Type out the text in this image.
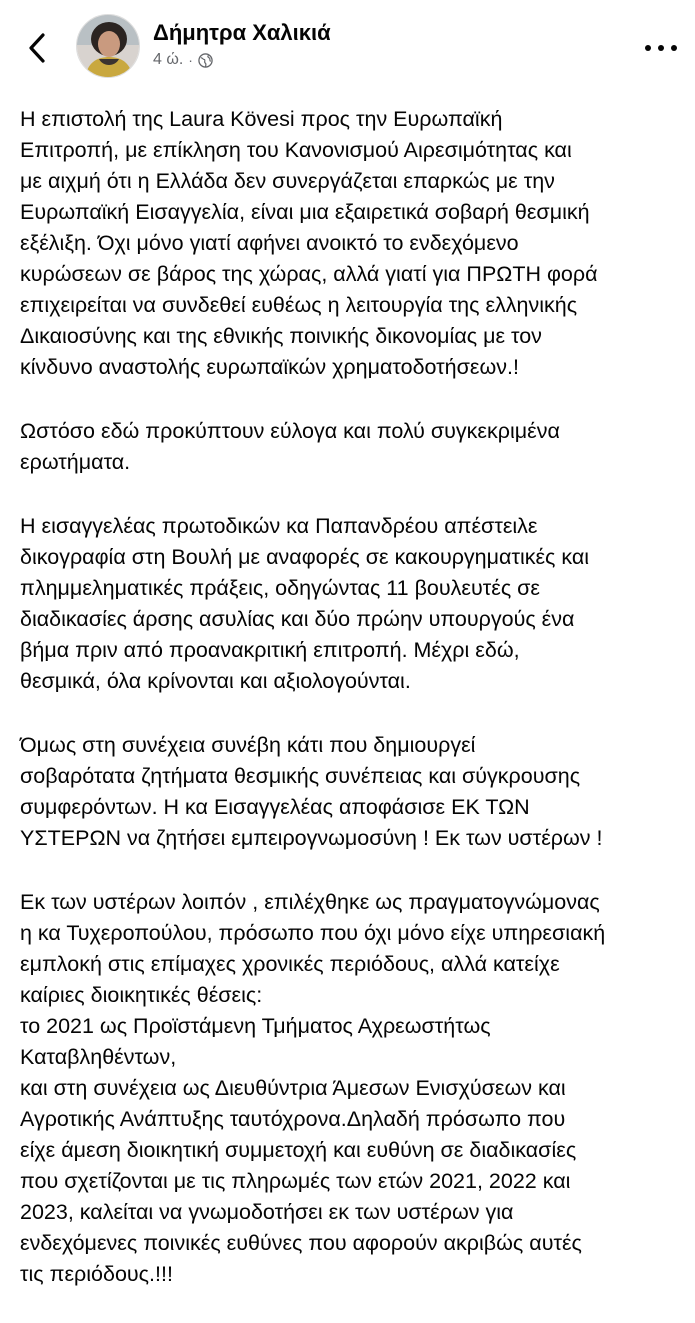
Δήμητρα Χαλικιά
4 ώ. ·

Η επιστολή της Laura Kövesi προς την Ευρωπαϊκή
Επιτροπή, με επίκληση του Κανονισμού Αιρεσιμότητας και
με αιχμή ότι η Ελλάδα δεν συνεργάζεται επαρκώς με την
Ευρωπαϊκή Εισαγγελία, είναι μια εξαιρετικά σοβαρή θεσμική
εξέλιξη. Όχι μόνο γιατί αφήνει ανοικτό το ενδεχόμενο
κυρώσεων σε βάρος της χώρας, αλλά γιατί για ΠΡΩΤΗ φορά
επιχειρείται να συνδεθεί ευθέως η λειτουργία της ελληνικής
Δικαιοσύνης και της εθνικής ποινικής δικονομίας με τον
κίνδυνο αναστολής ευρωπαϊκών χρηματοδοτήσεων.!

Ωστόσο εδώ προκύπτουν εύλογα και πολύ συγκεκριμένα
ερωτήματα.

Η εισαγγελέας πρωτοδικών κα Παπανδρέου απέστειλε
δικογραφία στη Βουλή με αναφορές σε κακουργηματικές και
πλημμεληματικές πράξεις, οδηγώντας 11 βουλευτές σε
διαδικασίες άρσης ασυλίας και δύο πρώην υπουργούς ένα
βήμα πριν από προανακριτική επιτροπή. Μέχρι εδώ,
θεσμικά, όλα κρίνονται και αξιολογούνται.

Όμως στη συνέχεια συνέβη κάτι που δημιουργεί
σοβαρότατα ζητήματα θεσμικής συνέπειας και σύγκρουσης
συμφερόντων. Η κα Εισαγγελέας αποφάσισε ΕΚ ΤΩΝ
ΥΣΤΕΡΩΝ να ζητήσει εμπειρογνωμοσύνη ! Εκ των υστέρων !

Εκ των υστέρων λοιπόν , επιλέχθηκε ως πραγματογνώμονας
η κα Τυχεροπούλου, πρόσωπο που όχι μόνο είχε υπηρεσιακή
εμπλοκή στις επίμαχες χρονικές περιόδους, αλλά κατείχε
καίριες διοικητικές θέσεις:
το 2021 ως Προϊστάμενη Τμήματος Αχρεωστήτως
Καταβληθέντων,
και στη συνέχεια ως Διευθύντρια Άμεσων Ενισχύσεων και
Αγροτικής Ανάπτυξης ταυτόχρονα.Δηλαδή πρόσωπο που
είχε άμεση διοικητική συμμετοχή και ευθύνη σε διαδικασίες
που σχετίζονται με τις πληρωμές των ετών 2021, 2022 και
2023, καλείται να γνωμοδοτήσει εκ των υστέρων για
ενδεχόμενες ποινικές ευθύνες που αφορούν ακριβώς αυτές
τις περιόδους.!!!
